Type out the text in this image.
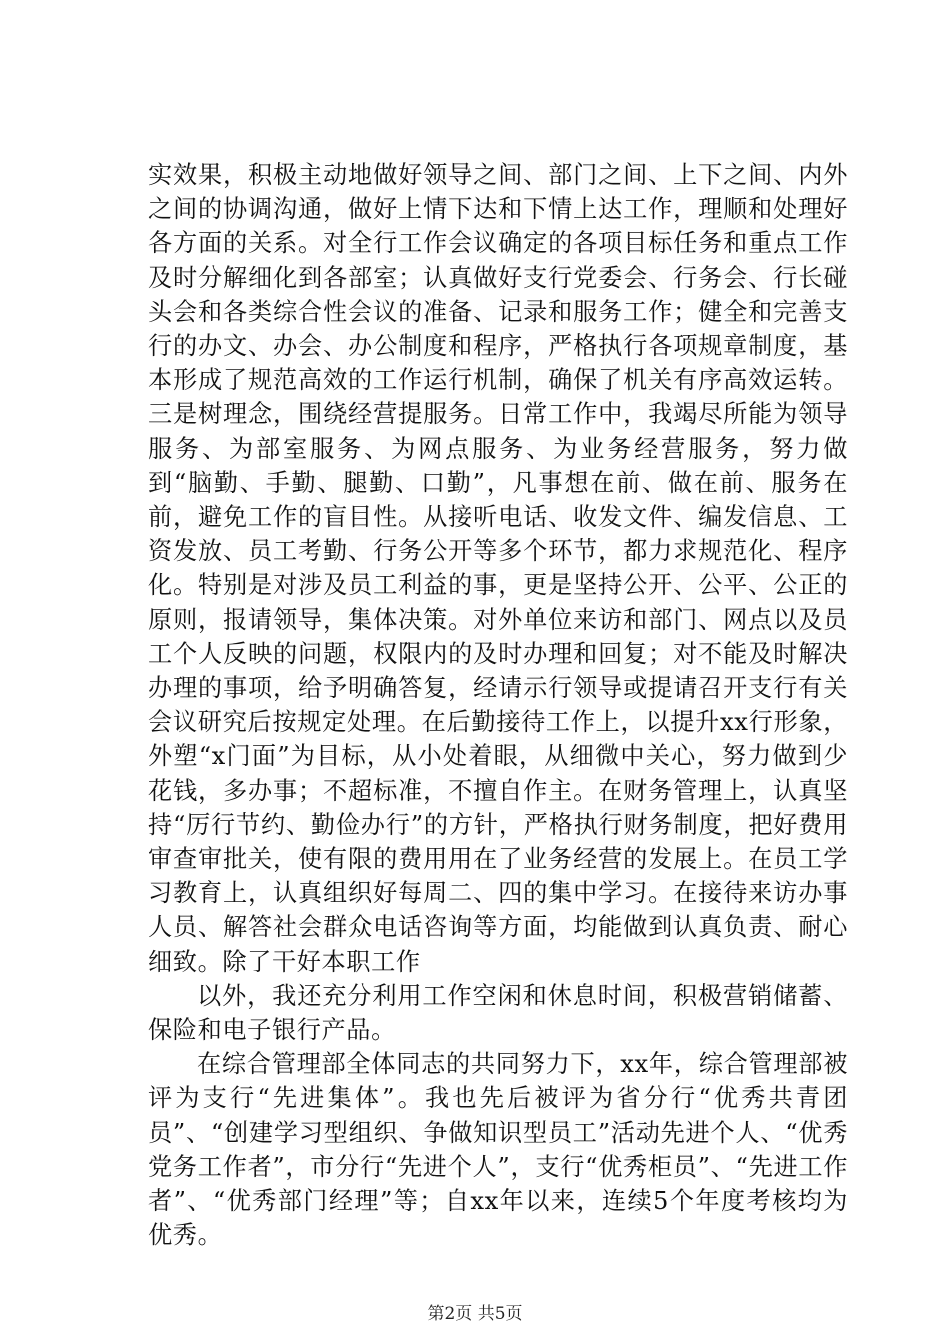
实效果，积极主动地做好领导之间、部门之间、上下之间、内外之间的协调沟通，做好上情下达和下情上达工作，理顺和处理好各方面的关系。对全行工作会议确定的各项目标任务和重点工作及时分解细化到各部室；认真做好支行党委会、行务会、行长碰头会和各类综合性会议的准备、记录和服务工作；健全和完善支行的办文、办会、办公制度和程序，严格执行各项规章制度，基本形成了规范高效的工作运行机制，确保了机关有序高效运转。三是树理念，围绕经营提服务。日常工作中，我竭尽所能为领导服务、为部室服务、为网点服务、为业务经营服务，努力做到“脑勤、手勤、腿勤、口勤”，凡事想在前、做在前、服务在前，避免工作的盲目性。从接听电话、收发文件、编发信息、工资发放、员工考勤、行务公开等多个环节，都力求规范化、程序化。特别是对涉及员工利益的事，更是坚持公开、公平、公正的原则，报请领导，集体决策。对外单位来访和部门、网点以及员工个人反映的问题，权限内的及时办理和回复；对不能及时解决办理的事项，给予明确答复，经请示行领导或提请召开支行有关会议研究后按规定处理。在后勤接待工作上，以提升xx行形象，外塑“x门面”为目标，从小处着眼，从细微中关心，努力做到少花钱，多办事；不超标准，不擅自作主。在财务管理上，认真坚持“厉行节约、勤俭办行”的方针，严格执行财务制度，把好费用审查审批关，使有限的费用用在了业务经营的发展上。在员工学习教育上，认真组织好每周二、四的集中学习。在接待来访办事人员、解答社会群众电话咨询等方面，均能做到认真负责、耐心细致。除了干好本职工作

以外，我还充分利用工作空闲和休息时间，积极营销储蓄、保险和电子银行产品。

在综合管理部全体同志的共同努力下，xx年，综合管理部被评为支行“先进集体”。我也先后被评为省分行“优秀共青团员”、“创建学习型组织、争做知识型员工”活动先进个人、“优秀党务工作者”，市分行“先进个人”，支行“优秀柜员”、“先进工作者”、“优秀部门经理”等；自xx年以来，连续5个年度考核均为优秀。

第2页 共5页
